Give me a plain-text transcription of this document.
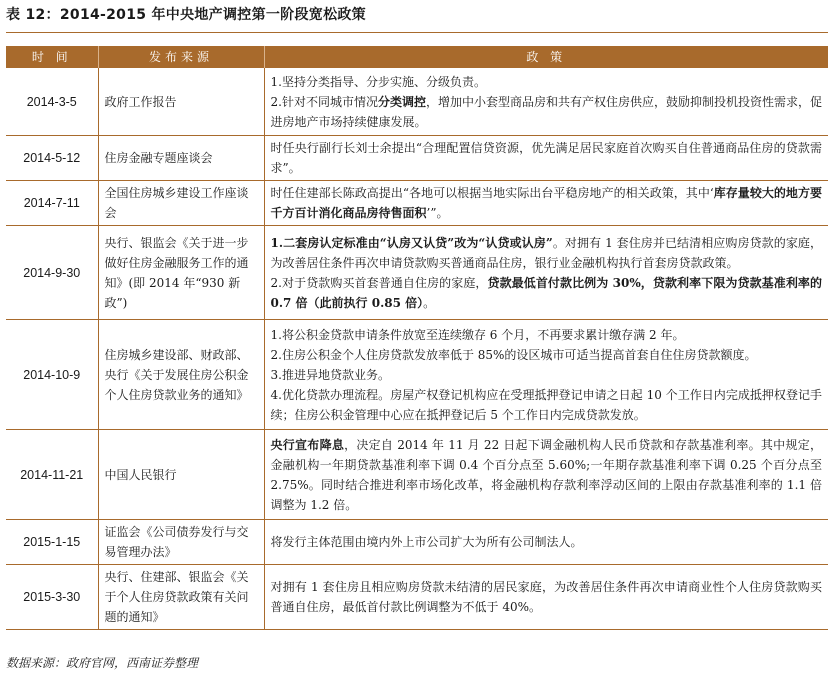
表 12：2014-2015 年中央地产调控第一阶段宽松政策
时 间	发布来源	政 策
2014-3-5	政府工作报告	1.坚持分类指导、分步实施、分级负责。
2.针对不同城市情况分类调控，增加中小套型商品房和共有产权住房供应，鼓励抑制投机投资性需求，促进房地产市场持续健康发展。

2014-5-12	住房金融专题座谈会	时任央行副行长刘士余提出“合理配置信贷资源，优先满足居民家庭首次购买自住普通商品住房的贷款需求”。

2014-7-11	全国住房城乡建设工作座谈会	时任住建部长陈政高提出“各地可以根据当地实际出台平稳房地产的相关政策，其中‘库存量较大的地方要千方百计消化商品房待售面积’”。

2014-9-30	央行、银监会《关于进一步做好住房金融服务工作的通知》(即 2014 年“930 新政”)	1.二套房认定标准由“认房又认贷”改为“认贷或认房”。对拥有 1 套住房并已结清相应购房贷款的家庭，为改善居住条件再次申请贷款购买普通商品住房，银行业金融机构执行首套房贷款政策。
2.对于贷款购买首套普通自住房的家庭，贷款最低首付款比例为 30%，贷款利率下限为贷款基准利率的 0.7 倍（此前执行 0.85 倍）。

2014-10-9	住房城乡建设部、财政部、央行《关于发展住房公积金个人住房贷款业务的通知》	1.将公积金贷款申请条件放宽至连续缴存 6 个月，不再要求累计缴存满 2 年。
2.住房公积金个人住房贷款发放率低于 85%的设区城市可适当提高首套自住住房贷款额度。
3.推进异地贷款业务。
4.优化贷款办理流程。房屋产权登记机构应在受理抵押登记申请之日起 10 个工作日内完成抵押权登记手续；住房公积金管理中心应在抵押登记后 5 个工作日内完成贷款发放。

2014-11-21	中国人民银行	央行宣布降息，决定自 2014 年 11 月 22 日起下调金融机构人民币贷款和存款基准利率。其中规定，金融机构一年期贷款基准利率下调 0.4 个百分点至 5.60%;一年期存款基准利率下调 0.25 个百分点至 2.75%。同时结合推进利率市场化改革，将金融机构存款利率浮动区间的上限由存款基准利率的 1.1 倍调整为 1.2 倍。

2015-1-15	证监会《公司债券发行与交易管理办法》	将发行主体范围由境内外上市公司扩大为所有公司制法人。

2015-3-30	央行、住建部、银监会《关于个人住房贷款政策有关问题的通知》	对拥有 1 套住房且相应购房贷款未结清的居民家庭，为改善居住条件再次申请商业性个人住房贷款购买普通自住房，最低首付款比例调整为不低于 40%。
数据来源：政府官网，西南证券整理
